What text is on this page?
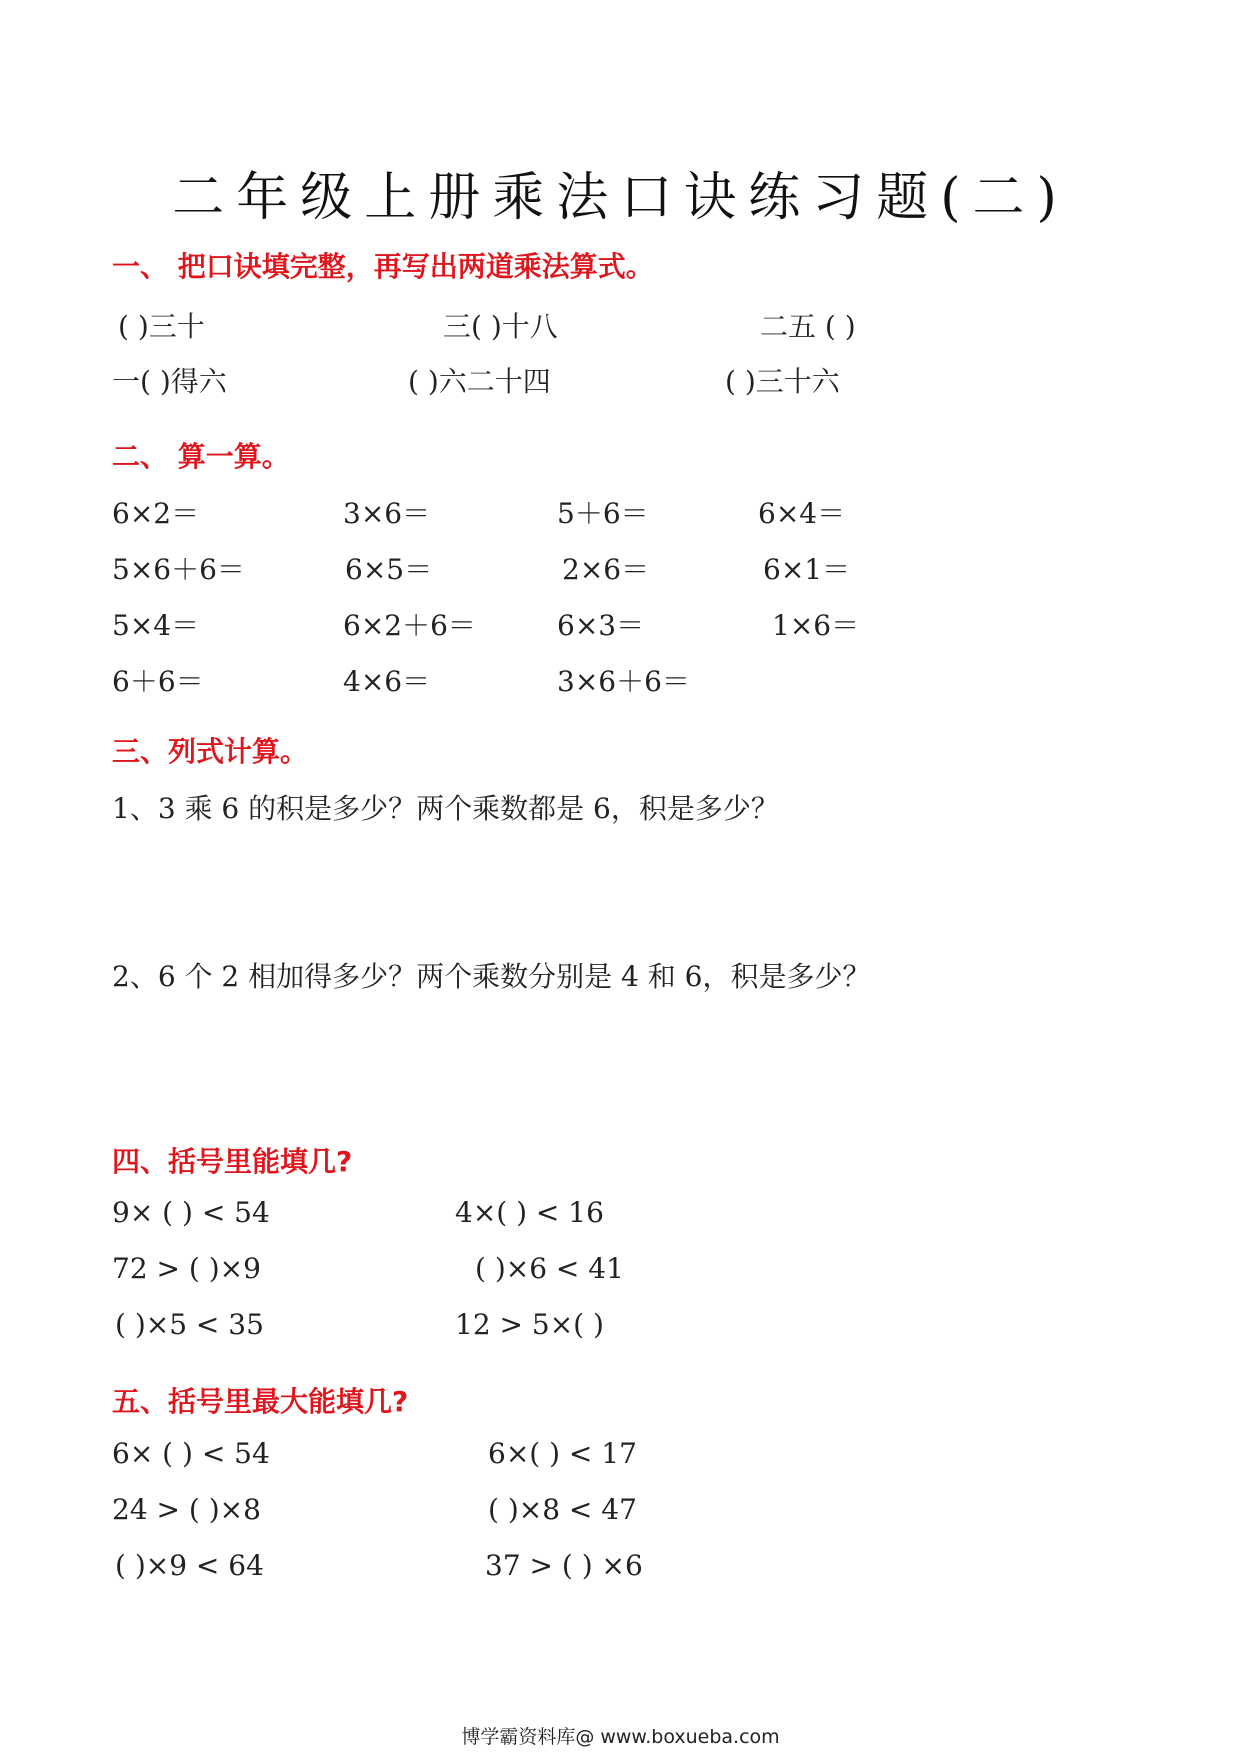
二年级上册乘法口诀练习题(二)
一、 把口诀填完整，再写出两道乘法算式。
( )三十	三( )十八	二五 ( )
一( )得六	( )六二十四	( )三十六
二、 算一算。
6×2＝	3×6＝	5＋6＝	6×4＝
5×6＋6＝	6×5＝	2×6＝	6×1＝
5×4＝	6×2＋6＝	6×3＝	1×6＝
6＋6＝	4×6＝	3×6＋6＝
三、列式计算。
1、3 乘 6 的积是多少？两个乘数都是 6，积是多少？
2、6 个 2 相加得多少？两个乘数分别是 4 和 6，积是多少？
四、括号里能填几?
9× ( ) < 54	4×( ) < 16
72 > ( )×9	( )×6 < 41
( )×5 < 35	12 > 5×( )
五、括号里最大能填几?
6× ( ) < 54	6×( ) < 17
24 > ( )×8	( )×8 < 47
( )×9 < 64	37 > ( ) ×6
博学霸资料库@ www.boxueba.com
